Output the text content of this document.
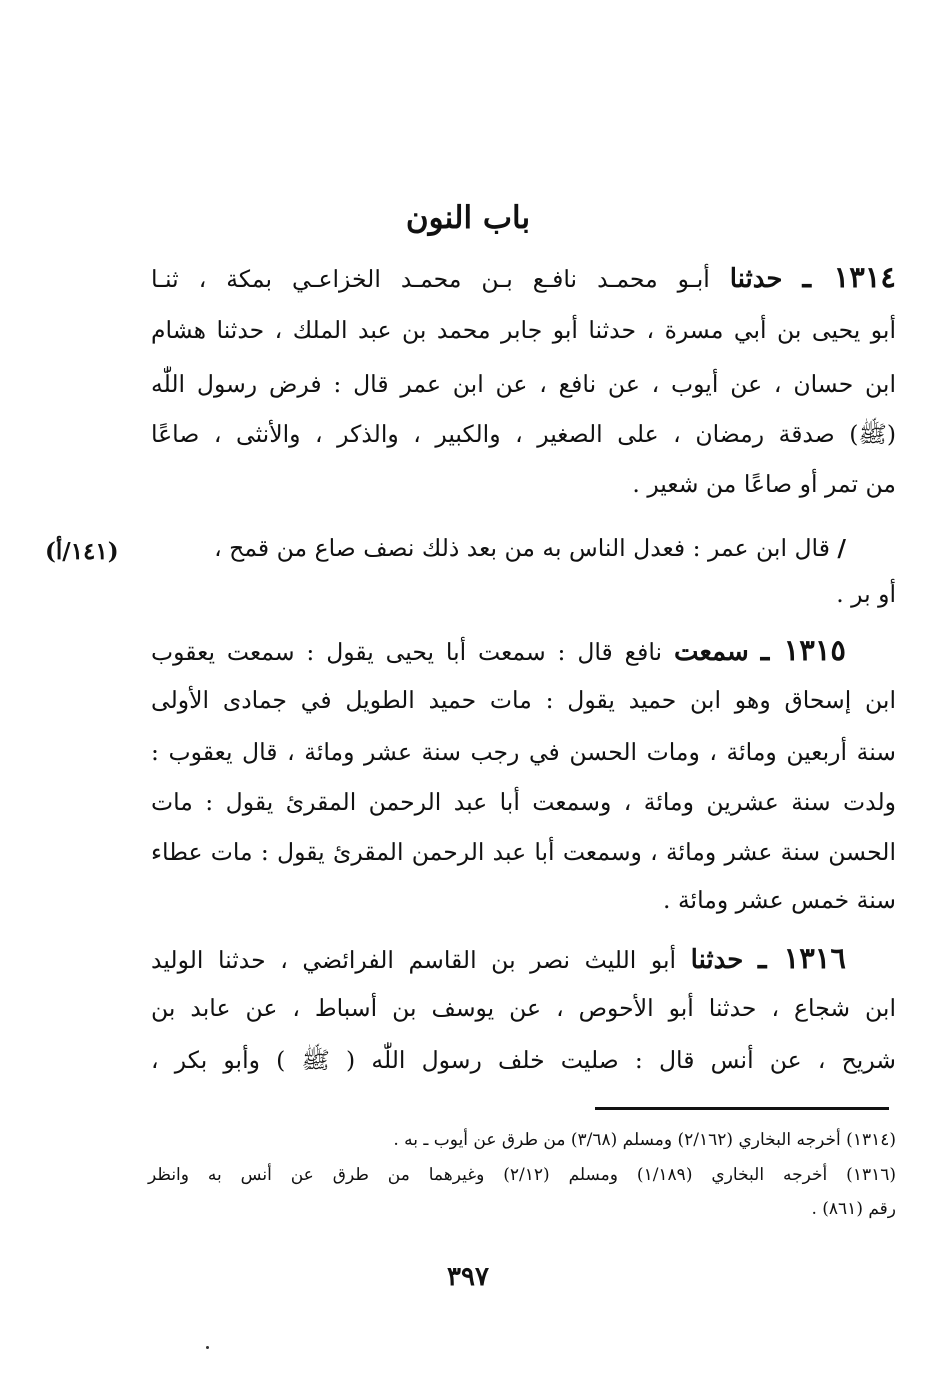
باب النون
١٣١٤ ـ حدثنا أبـو محمـد نافـع بـن محمـد الخزاعـي بمكة ، ثنـا
أبو يحيى بن أبي مسرة ، حدثنا أبو جابر محمد بن عبد الملك ، حدثنا هشام
ابن حسان ، عن أيوب ، عن نافع ، عن ابن عمر قال : فرض رسول اللّٰه
(ﷺ) صدقة رمضان ، على الصغير ، والكبير ، والذكر ، والأنثى ، صاعًا
من تمر أو صاعًا من شعير .
/ قال ابن عمر : فعدل الناس به من بعد ذلك نصف صاع من قمح ،
(١٤١/أ)
أو بر .
١٣١٥ ـ سمعت نافع قال : سمعت أبا يحيى يقول : سمعت يعقوب
ابن إسحاق وهو ابن حميد يقول : مات حميد الطويل في جمادى الأولى
سنة أربعين ومائة ، ومات الحسن في رجب سنة عشر ومائة ، قال يعقوب :
ولدت سنة عشرين ومائة ، وسمعت أبا عبد الرحمن المقرئ يقول : مات
الحسن سنة عشر ومائة ، وسمعت أبا عبد الرحمن المقرئ يقول : مات عطاء
سنة خمس عشر ومائة .
١٣١٦ ـ حدثنا أبو الليث نصر بن القاسم الفرائضي ، حدثنا الوليد
ابن شجاع ، حدثنا أبو الأحوص ، عن يوسف بن أسباط ، عن عابد بن
شريح ، عن أنس قال : صليت خلف رسول اللّٰه ( ﷺ ) وأبو بكر ،
(١٣١٤) أخرجه البخاري (٢/١٦٢) ومسلم (٣/٦٨) من طرق عن أيوب ـ به .
(١٣١٦) أخرجه البخاري (١/١٨٩) ومسلم (٢/١٢) وغيرهما من طرق عن أنس به وانظر
رقم (٨٦١) .
٣٩٧
